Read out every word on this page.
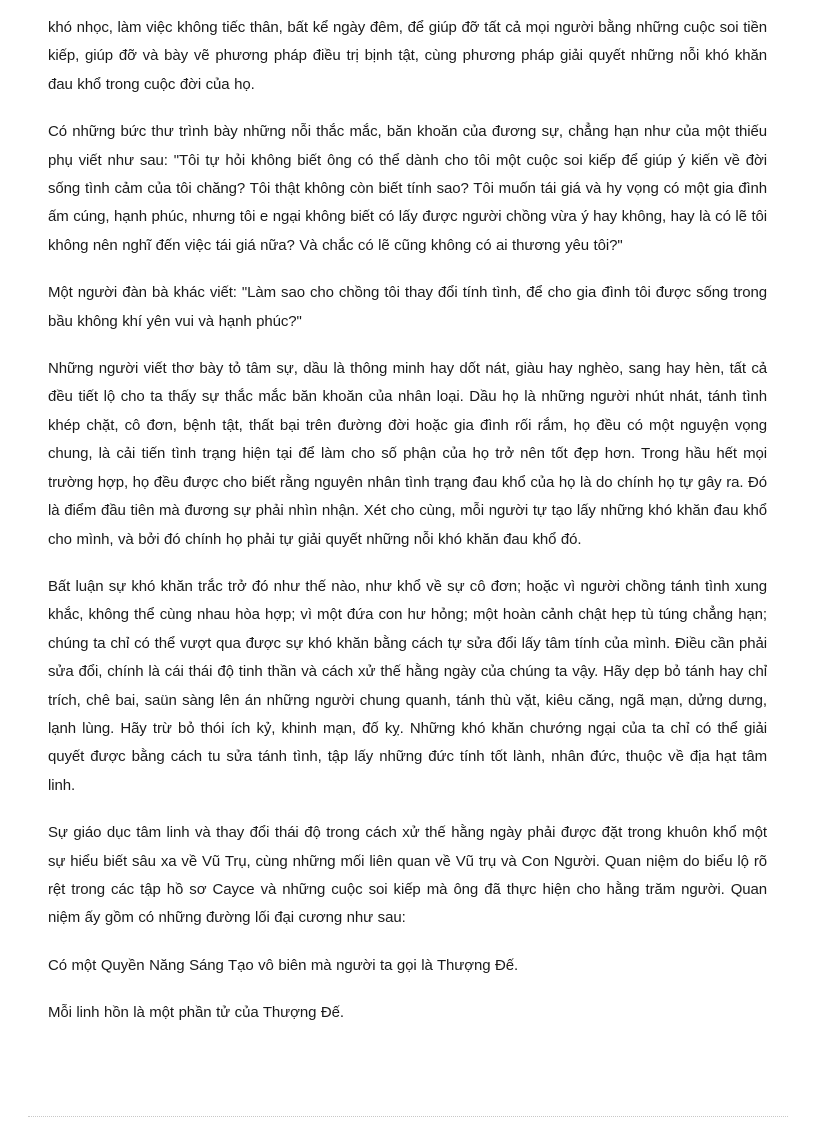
khó nhọc, làm việc không tiếc thân, bất kể ngày đêm, để giúp đỡ tất cả mọi người bằng những cuộc soi tiền kiếp, giúp đỡ và bày vẽ phương pháp điều trị bịnh tật, cùng phương pháp giải quyết những nỗi khó khăn đau khổ trong cuộc đời của họ.

Có những bức thư trình bày những nỗi thắc mắc, băn khoăn của đương sự, chẳng hạn như của một thiếu phụ viết như sau: "Tôi tự hỏi không biết ông có thể dành cho tôi một cuộc soi kiếp để giúp ý kiến về đời sống tình cảm của tôi chăng? Tôi thật không còn biết tính sao? Tôi muốn tái giá và hy vọng có một gia đình ấm cúng, hạnh phúc, nhưng tôi e ngại không biết có lấy được người chồng vừa ý hay không, hay là có lẽ tôi không nên nghĩ đến việc tái giá nữa? Và chắc có lẽ cũng không có ai thương yêu tôi?"

Một người đàn bà khác viết: "Làm sao cho chồng tôi thay đổi tính tình, để cho gia đình tôi được sống trong bầu không khí yên vui và hạnh phúc?"

Những người viết thơ bày tỏ tâm sự, dầu là thông minh hay dốt nát, giàu hay nghèo, sang hay hèn, tất cả đều tiết lộ cho ta thấy sự thắc mắc băn khoăn của nhân loại. Dầu họ là những người nhút nhát, tánh tình khép chặt, cô đơn, bệnh tật, thất bại trên đường đời hoặc gia đình rối rắm, họ đều có một nguyện vọng chung, là cải tiến tình trạng hiện tại để làm cho số phận của họ trở nên tốt đẹp hơn. Trong hầu hết mọi trường hợp, họ đều được cho biết rằng nguyên nhân tình trạng đau khổ của họ là do chính họ tự gây ra. Đó là điểm đầu tiên mà đương sự phải nhìn nhận. Xét cho cùng, mỗi người tự tạo lấy những khó khăn đau khổ cho mình, và bởi đó chính họ phải tự giải quyết những nỗi khó khăn đau khổ đó.

Bất luận sự khó khăn trắc trở đó như thế nào, như khổ về sự cô đơn; hoặc vì người chồng tánh tình xung khắc, không thể cùng nhau hòa hợp; vì một đứa con hư hỏng; một hoàn cảnh chật hẹp tù túng chẳng hạn; chúng ta chỉ có thể vượt qua được sự khó khăn bằng cách tự sửa đổi lấy tâm tính của mình. Điều cần phải sửa đổi, chính là cái thái độ tinh thần và cách xử thế hằng ngày của chúng ta vậy. Hãy dẹp bỏ tánh hay chỉ trích, chê bai, saün sàng lên án những người chung quanh, tánh thù vặt, kiêu căng, ngã mạn, dửng dưng, lạnh lùng. Hãy trừ bỏ thói ích kỷ, khinh mạn, đố kỵ. Những khó khăn chướng ngại của ta chỉ có thể giải quyết được bằng cách tu sửa tánh tình, tập lấy những đức tính tốt lành, nhân đức, thuộc về địa hạt tâm linh.

Sự giáo dục tâm linh và thay đổi thái độ trong cách xử thế hằng ngày phải được đặt trong khuôn khổ một sự hiểu biết sâu xa về Vũ Trụ, cùng những mối liên quan về Vũ trụ và Con Người. Quan niệm do biểu lộ rõ rệt trong các tập hồ sơ Cayce và những cuộc soi kiếp mà ông đã thực hiện cho hằng trăm người. Quan niệm ấy gồm có những đường lối đại cương như sau:

Có một Quyền Năng Sáng Tạo vô biên mà người ta gọi là Thượng Đế.

Mỗi linh hồn là một phần tử của Thượng Đế.
